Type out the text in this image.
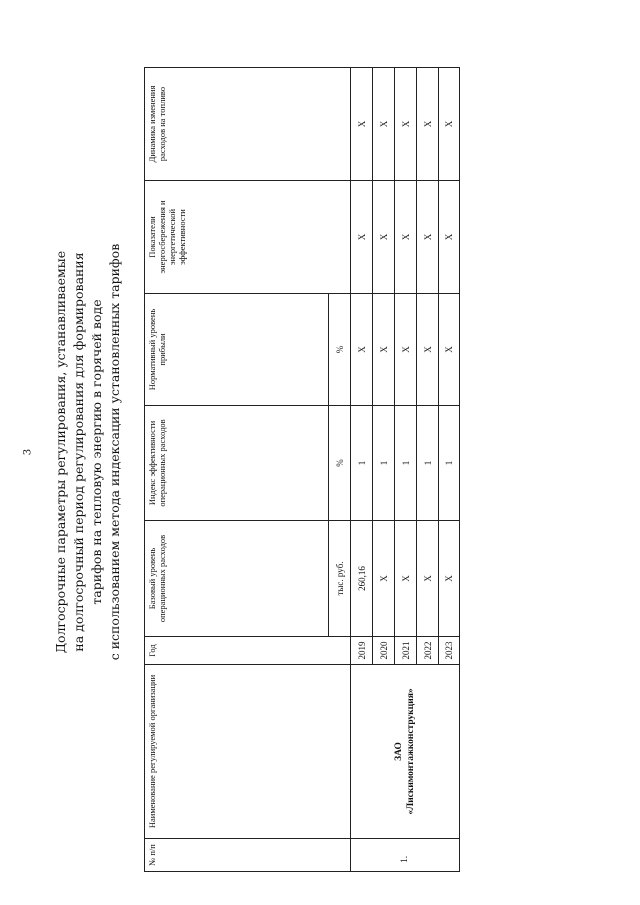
3 Долгосрочные параметры регулирования, устанавливаемые на долгосрочный период регулирования для формирования тарифов на тепловую энергию в горячей воде с использованием метода индексации установленных тарифов
№ п/п	Наименование регулируемой организации	Год	Базовый уровень операционных расходов	Индекс эффективности операционных расходов	Нормативный уровень прибыли	Показатели энергосбережения и энергетической эффективности	Динамика изменения расходов на топливо
			тыс. руб.	%	%		
1.	ЗАО «Лискимонтажконструкция»	2019	260,16	1	Х	Х	Х
		2020	Х	1	Х	Х	Х
		2021	Х	1	Х	Х	Х
		2022	Х	1	Х	Х	Х
		2023	Х	1	Х	Х	Х
